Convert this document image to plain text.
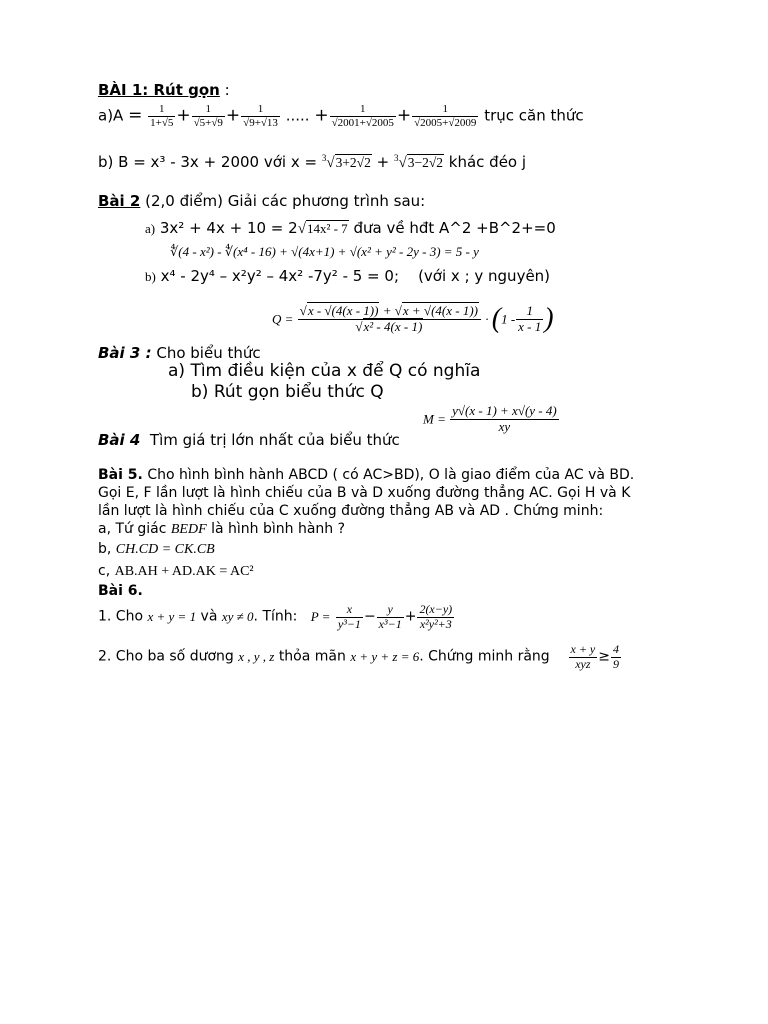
BÀI 1: Rút gọn :
$a)A = \frac{1}{1+√5} + \frac{1}{√5+√9} + \frac{1}{√9+√13}$ ..... + $\frac{1}{√2001+√2005} + \frac{1}{√2005+√2009}$ trục căn thức
b) B = x³ - 3x + 2000 với x = $^3$√3+2√2 + $^3$√3−2√2 khác đéo j
Bài 2 (2,0 điểm) Giải các phương trình sau:
a) 3x² + 4x + 10 = 2√14x² - 7 đưa về hđt A^2 +B^2+=0
∜(4 - x²) - ∜(x⁴ - 16) + √(4x+1) + √(x² + y² - 2y - 3) = 5 - y
b) x⁴ - 2y⁴ – x²y² – 4x² -7y² - 5 = 0; (với x ; y nguyên)
$Q = \frac{√x - √(4(x - 1)) + √x + √(4(x - 1))}{\text{√x² - 4(x - 1)}} \cdot (1 - \frac{1}{x - 1}$ )
Bài 3 : Cho biểu thức
a) Tìm điều kiện của x để Q có nghĩa
b) Rút gọn biểu thức Q
$M = \frac{y√(x - 1) + x√(y - 4)}{xy}$
Bài 4 Tìm giá trị lớn nhất của biểu thức
Bài 5. Cho hình bình hành ABCD ( có AC>BD), O là giao điểm của AC và BD.
Gọi E, F lần lượt là hình chiếu của B và D xuống đường thẳng AC. Gọi H và K
lần lượt là hình chiếu của C xuống đường thẳng AB và AD . Chứng minh:
a, Tứ giác BEDF là hình bình hành ?
b, CH.CD = CK.CB
c, AB.AH + AD.AK = AC²
Bài 6.
1. Cho x + y = 1 và xy ≠ 0. Tính: $P = \frac{x}{\text{y³−1}} - \frac{y}{\text{x³−1}} + \frac{2(x-y)}{\text{x²y²+3}}$
2. Cho ba số dương x , y , z thỏa mãn x + y + z = 6. Chứng minh rằng $\frac{x + y}{\text{xyz}} \ge \frac{4}{9}$
